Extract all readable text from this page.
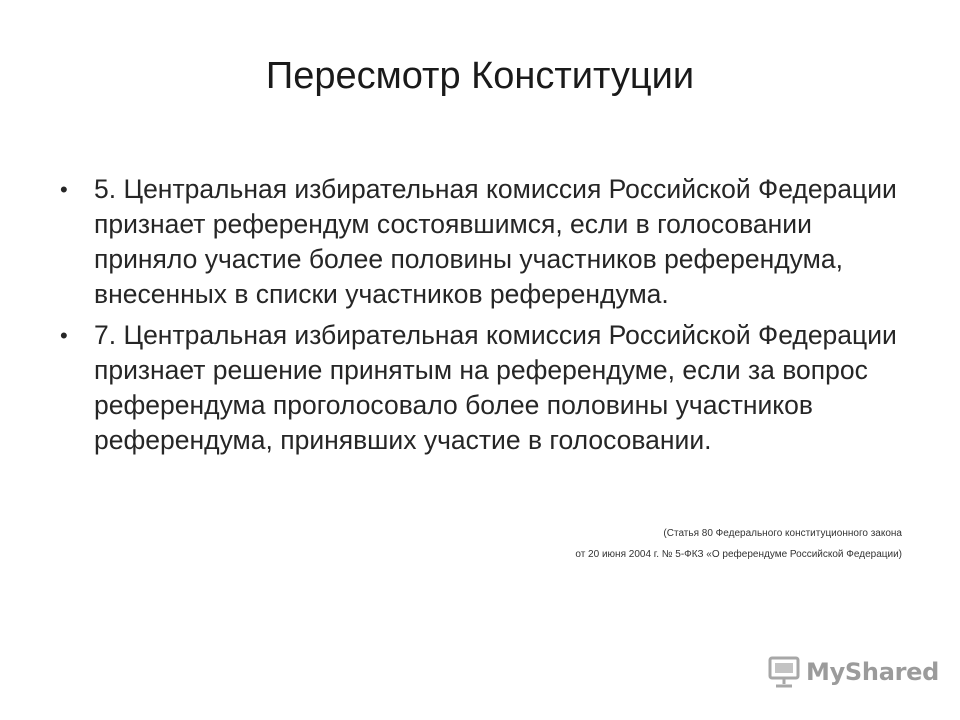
Пересмотр Конституции
• 5. Центральная избирательная комиссия Российской Федерации признает референдум состоявшимся, если в голосовании приняло участие более половины участников референдума, внесенных в списки участников референдума.
• 7. Центральная избирательная комиссия Российской Федерации признает решение принятым на референдуме, если за вопрос референдума проголосовало более половины участников референдума, принявших участие в голосовании.
(Статья 80 Федерального конституционного закона
от 20 июня 2004 г. № 5-ФКЗ «О референдуме Российской Федерации)
MyShared
